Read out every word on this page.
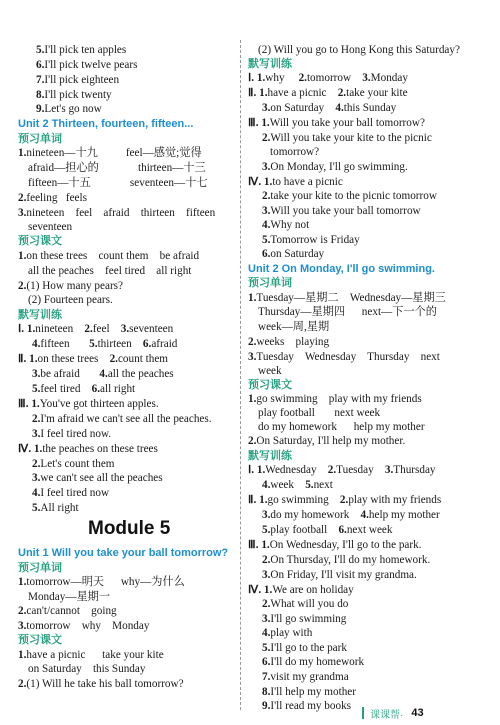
5.I'll pick ten apples
6.I'll pick twelve pears
7.I'll pick eighteen
8.I'll pick twenty
9.Let's go now
Unit 2 Thirteen, fourteen, fifteen...
预习单词
1.nineteen—十九          feel—感觉;觉得
afraid—担心的              thirteen—十三
fifteen—十五              seventeen—十七
2.feeling   feels
3.nineteen    feel    afraid    thirteen    fifteen
seventeen
预习课文
1.on these trees    count them    be afraid
all the peaches    feel tired    all right
2.(1) How many pears?
(2) Fourteen pears.
默写训练
Ⅰ. 1.nineteen    2.feel    3.seventeen
4.fifteen       5.thirteen    6.afraid
Ⅱ. 1.on these trees    2.count them
3.be afraid       4.all the peaches
5.feel tired    6.all right
Ⅲ. 1.You've got thirteen apples.
2.I'm afraid we can't see all the peaches.
3.I feel tired now.
Ⅳ. 1.the peaches on these trees
2.Let's count them
3.we can't see all the peaches
4.I feel tired now
5.All right
Module 5
Unit 1 Will you take your ball tomorrow?
预习单词
1.tomorrow—明天      why—为什么
Monday—星期一
2.can't/cannot    going
3.tomorrow    why    Monday
预习课文
1.have a picnic      take your kite
on Saturday    this Sunday
2.(1) Will he take his ball tomorrow?
(2) Will you go to Hong Kong this Saturday?
默写训练
Ⅰ. 1.why     2.tomorrow    3.Monday
Ⅱ. 1.have a picnic    2.take your kite
3.on Saturday    4.this Sunday
Ⅲ. 1.Will you take your ball tomorrow?
2.Will you take your kite to the picnic
tomorrow?
3.On Monday, I'll go swimming.
Ⅳ. 1.to have a picnic
2.take your kite to the picnic tomorrow
3.Will you take your ball tomorrow
4.Why not
5.Tomorrow is Friday
6.on Saturday
Unit 2 On Monday, I'll go swimming.
预习单词
1.Tuesday—星期二    Wednesday—星期三
Thursday—星期四      next—下一个的
week—周,星期
2.weeks    playing
3.Tuesday    Wednesday    Thursday    next
week
预习课文
1.go swimming    play with my friends
play football       next week
do my homework      help my mother
2.On Saturday, I'll help my mother.
默写训练
Ⅰ. 1.Wednesday    2.Tuesday    3.Thursday
4.week    5.next
Ⅱ. 1.go swimming    2.play with my friends
3.do my homework    4.help my mother
5.play football    6.next week
Ⅲ. 1.On Wednesday, I'll go to the park.
2.On Thursday, I'll do my homework.
3.On Friday, I'll visit my grandma.
Ⅳ. 1.We are on holiday
2.What will you do
3.I'll go swimming
4.play with
5.I'll go to the park
6.I'll do my homework
7.visit my grandma
8.I'll help my mother
9.I'll read my books
课课帮· 43
